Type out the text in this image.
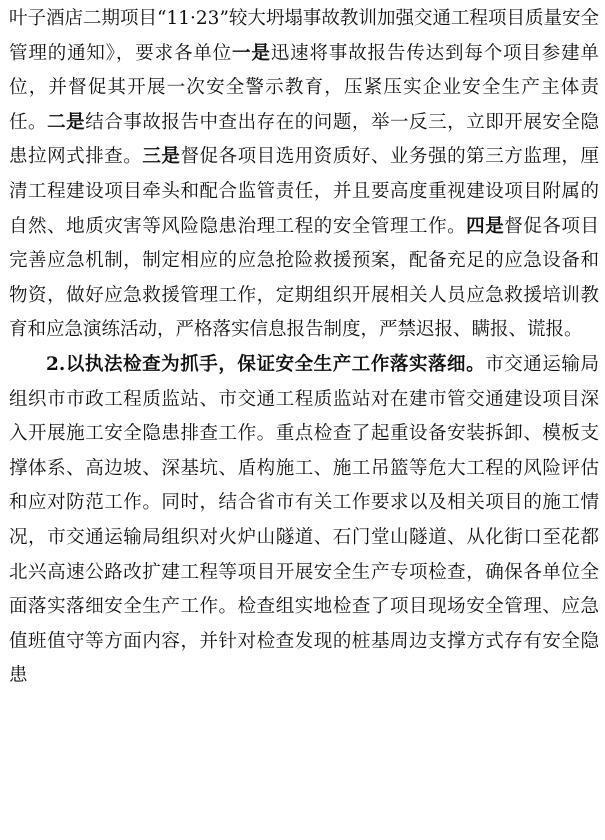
叶子酒店二期项目“11·23”较大坍塌事故教训加强交通工程项目质量安全管理的通知》，要求各单位一是迅速将事故报告传达到每个项目参建单位，并督促其开展一次安全警示教育，压紧压实企业安全生产主体责任。二是结合事故报告中查出存在的问题，举一反三，立即开展安全隐患拉网式排查。三是督促各项目选用资质好、业务强的第三方监理，厘清工程建设项目牵头和配合监管责任，并且要高度重视建设项目附属的自然、地质灾害等风险隐患治理工程的安全管理工作。四是督促各项目完善应急机制，制定相应的应急抢险救援预案，配备充足的应急设备和物资，做好应急救援管理工作，定期组织开展相关人员应急救援培训教育和应急演练活动，严格落实信息报告制度，严禁迟报、瞒报、谎报。

2.以执法检查为抓手，保证安全生产工作落实落细。市交通运输局组织市市政工程质监站、市交通工程质监站对在建市管交通建设项目深入开展施工安全隐患排查工作。重点检查了起重设备安装拆卸、模板支撑体系、高边坡、深基坑、盾构施工、施工吊篮等危大工程的风险评估和应对防范工作。同时，结合省市有关工作要求以及相关项目的施工情况，市交通运输局组织对火炉山隧道、石门堂山隧道、从化街口至花都北兴高速公路改扩建工程等项目开展安全生产专项检查，确保各单位全面落实落细安全生产工作。检查组实地检查了项目现场安全管理、应急值班值守等方面内容，并针对检查发现的桩基周边支撑方式存有安全隐患
